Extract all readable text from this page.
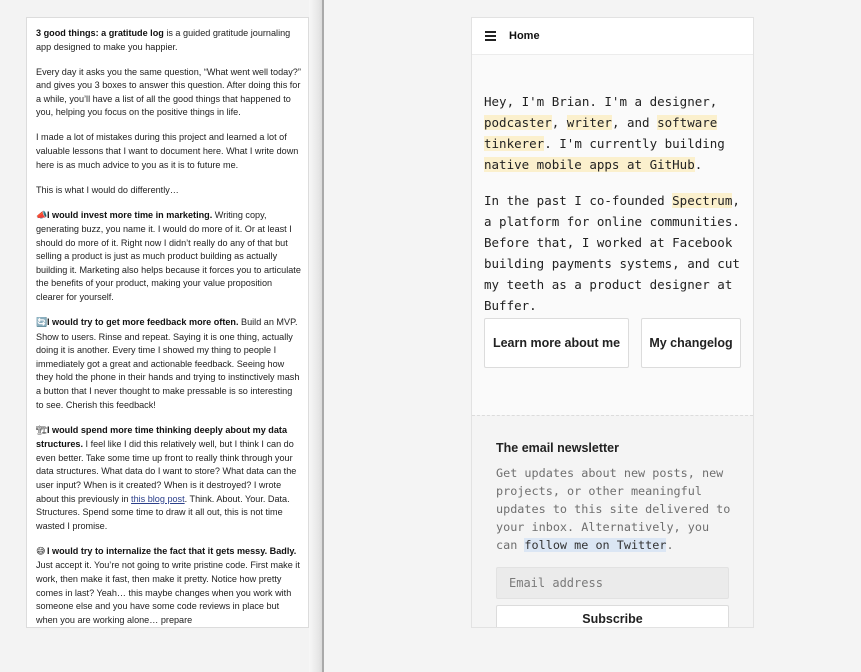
3 good things: a gratitude log is a guided gratitude journaling app designed to make you happier.

Every day it asks you the same question, “What went well today?” and gives you 3 boxes to answer this question. After doing this for a while, you’ll have a list of all the good things that happened to you, helping you focus on the positive things in life.

I made a lot of mistakes during this project and learned a lot of valuable lessons that I want to document here. What I write down here is as much advice to you as it is to future me.

This is what I would do differently…

📣I would invest more time in marketing. Writing copy, generating buzz, you name it. I would do more of it. Or at least I should do more of it. Right now I didn’t really do any of that but selling a product is just as much product building as actually building it. Marketing also helps because it forces you to articulate the benefits of your product, making your value proposition clearer for yourself.

🔄I would try to get more feedback more often. Build an MVP. Show to users. Rinse and repeat. Saying it is one thing, actually doing it is another. Every time I showed my thing to people I immediately got a great and actionable feedback. Seeing how they hold the phone in their hands and trying to instinctively mash a button that I never thought to make pressable is so interesting to see. Cherish this feedback!

🏗I would spend more time thinking deeply about my data structures. I feel like I did this relatively well, but I think I can do even better. Take some time up front to really think through your data structures. What data do I want to store? What data can the user input? When is it created? When is it destroyed? I wrote about this previously in this blog post. Think. About. Your. Data. Structures. Spend some time to draw it all out, this is not time wasted I promise.

😅 I would try to internalize the fact that it gets messy. Badly. Just accept it. You’re not going to write pristine code. First make it work, then make it fast, then make it pretty. Notice how pretty comes in last? Yeah… this maybe changes when you work with someone else and you have some code reviews in place but when you are working alone… prepare

Home

Hey, I'm Brian. I'm a designer, podcaster, writer, and software tinkerer. I'm currently building native mobile apps at GitHub.

In the past I co-founded Spectrum, a platform for online communities. Before that, I worked at Facebook building payments systems, and cut my teeth as a product designer at Buffer.

Learn more about me	My changelog
The email newsletter
Get updates about new posts, new projects, or other meaningful updates to this site delivered to your inbox. Alternatively, you can follow me on Twitter.
Email address
Subscribe
